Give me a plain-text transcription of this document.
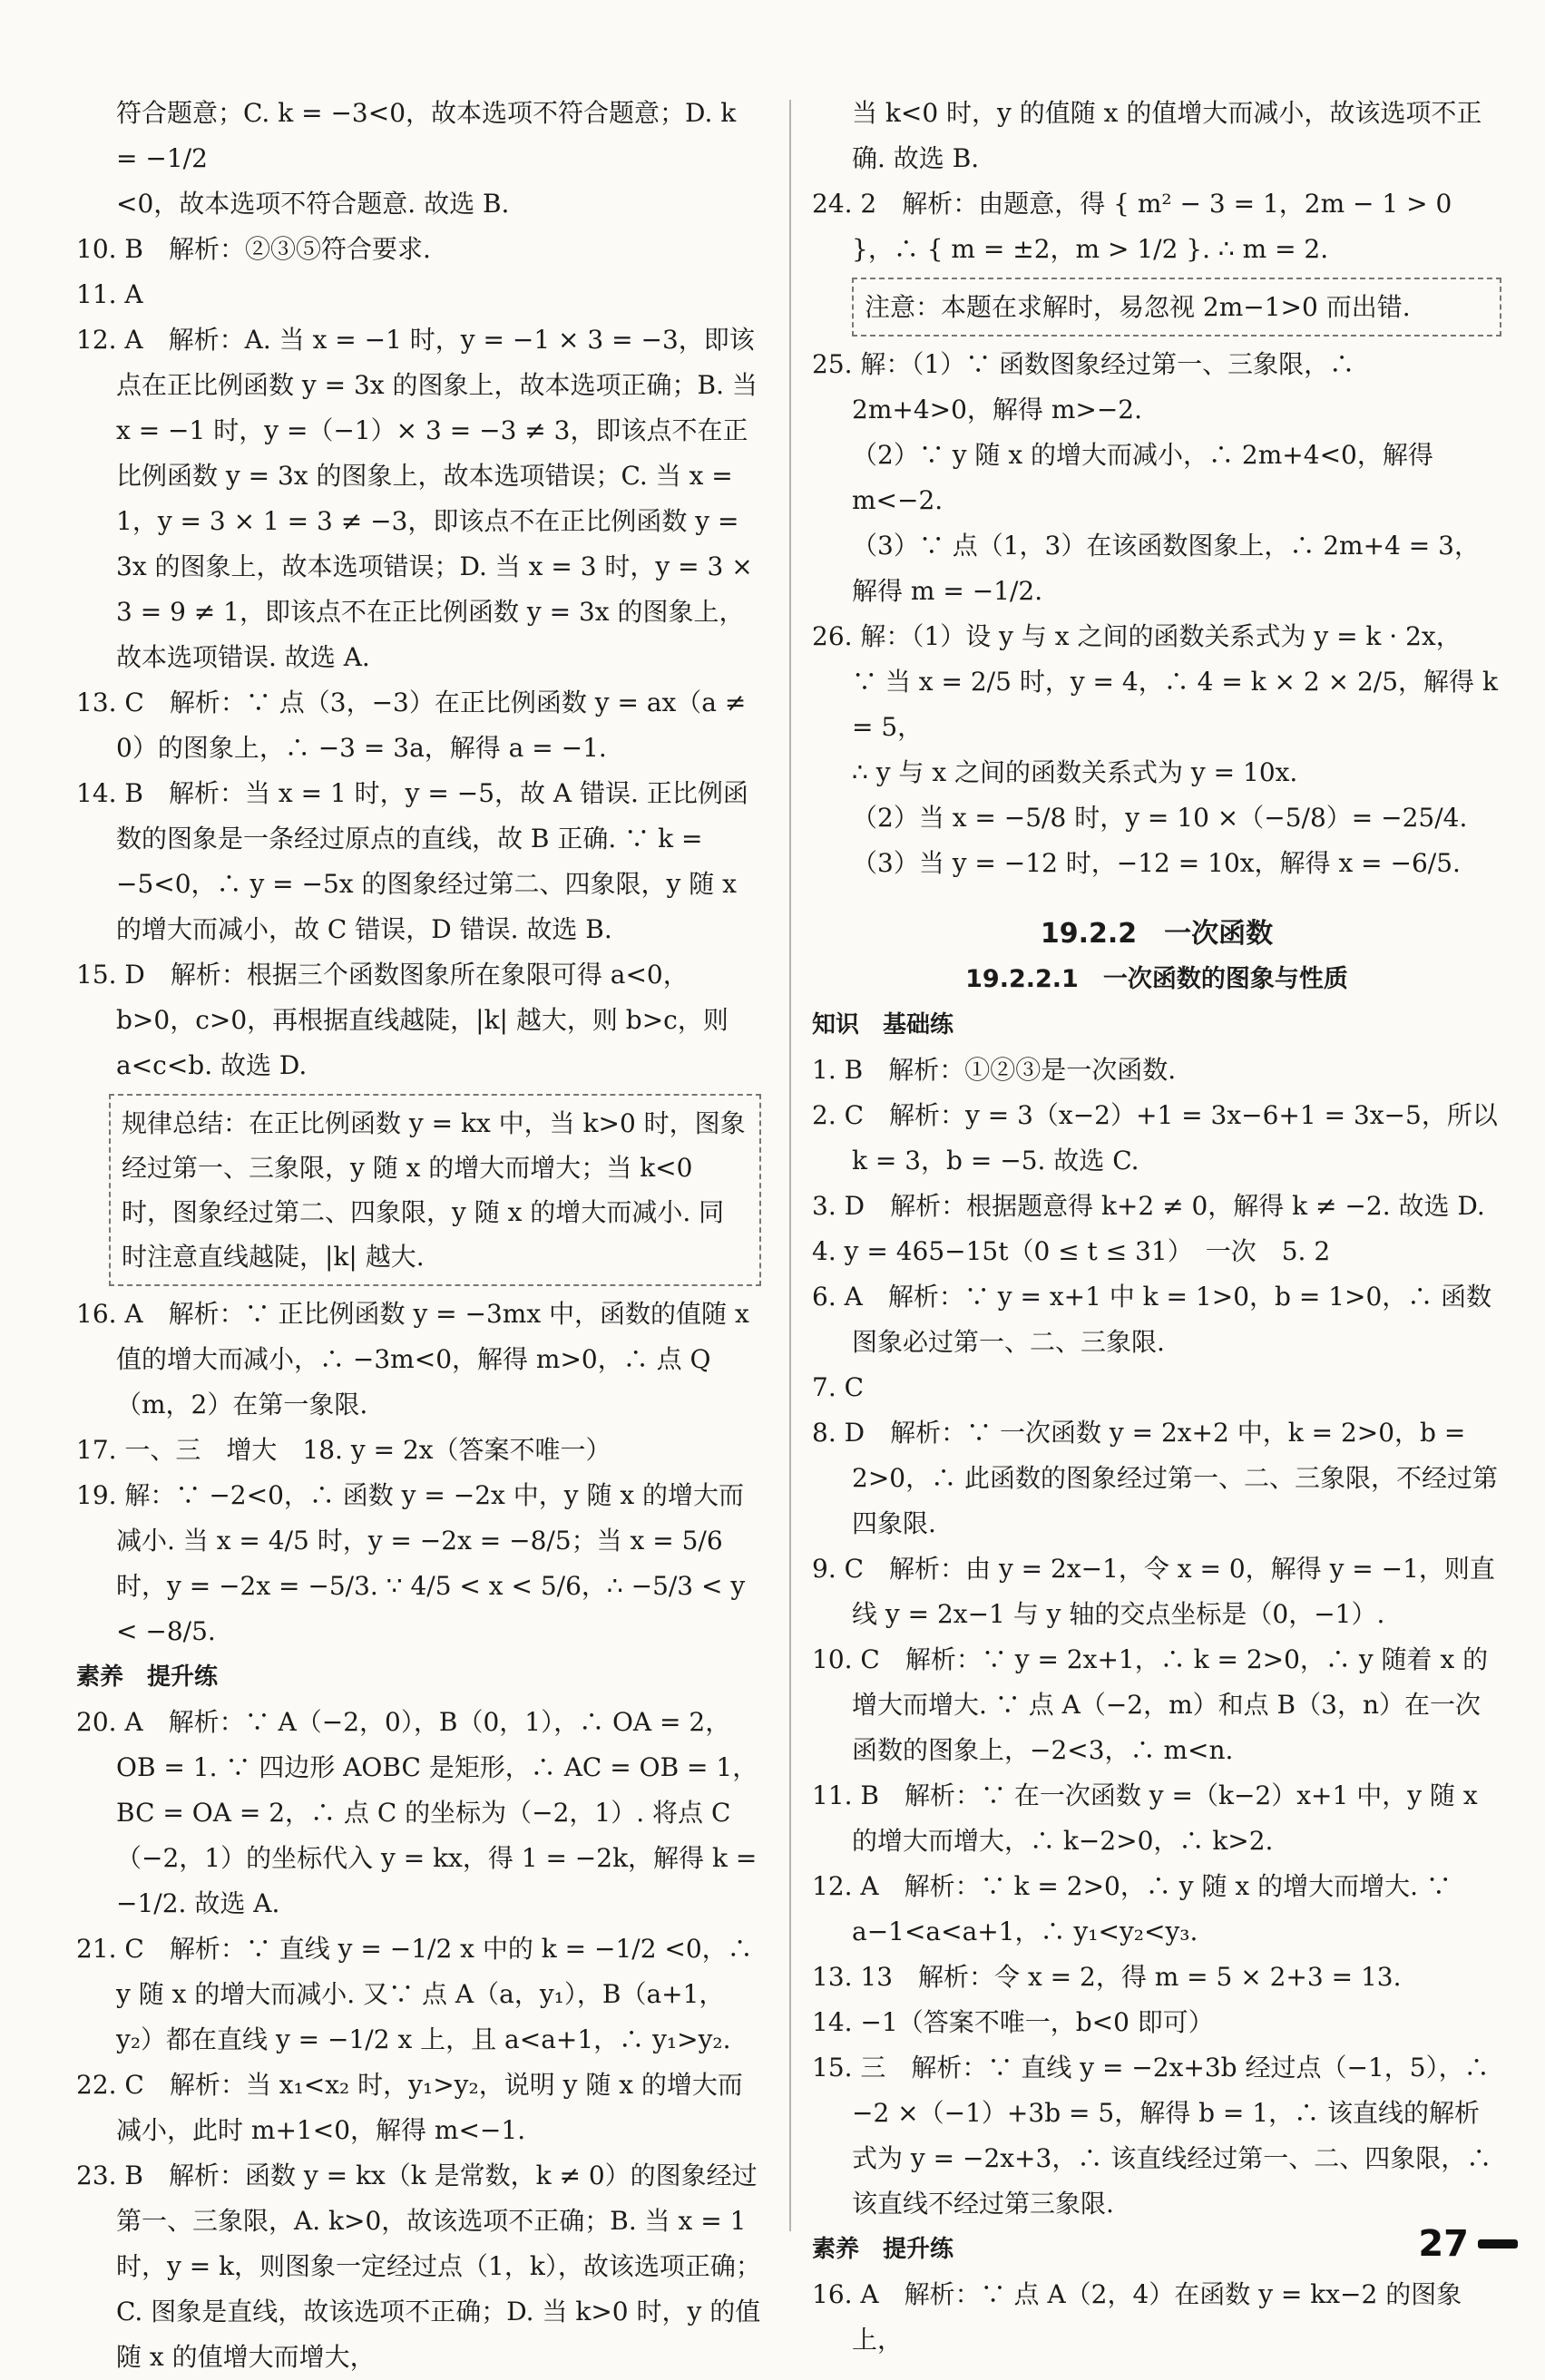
符合题意；C. k = −3<0，故本选项不符合题意；D. k = −1/2

<0，故本选项不符合题意. 故选 B.

10. B　解析：②③⑤符合要求.

11. A

12. A　解析：A. 当 x = −1 时，y = −1 × 3 = −3，即该点在正比例函数 y = 3x 的图象上，故本选项正确；B. 当 x = −1 时，y =（−1）× 3 = −3 ≠ 3，即该点不在正比例函数 y = 3x 的图象上，故本选项错误；C. 当 x = 1，y = 3 × 1 = 3 ≠ −3，即该点不在正比例函数 y = 3x 的图象上，故本选项错误；D. 当 x = 3 时，y = 3 × 3 = 9 ≠ 1，即该点不在正比例函数 y = 3x 的图象上，故本选项错误. 故选 A.

13. C　解析：∵ 点（3，−3）在正比例函数 y = ax（a ≠ 0）的图象上，∴ −3 = 3a，解得 a = −1.

14. B　解析：当 x = 1 时，y = −5，故 A 错误. 正比例函数的图象是一条经过原点的直线，故 B 正确. ∵ k = −5<0，∴ y = −5x 的图象经过第二、四象限，y 随 x 的增大而减小，故 C 错误，D 错误. 故选 B.

15. D　解析：根据三个函数图象所在象限可得 a<0，b>0，c>0，再根据直线越陡，|k| 越大，则 b>c，则 a<c<b. 故选 D.

规律总结：在正比例函数 y = kx 中，当 k>0 时，图象经过第一、三象限，y 随 x 的增大而增大；当 k<0 时，图象经过第二、四象限，y 随 x 的增大而减小. 同时注意直线越陡，|k| 越大.

16. A　解析：∵ 正比例函数 y = −3mx 中，函数的值随 x 值的增大而减小，∴ −3m<0，解得 m>0，∴ 点 Q（m，2）在第一象限.

17. 一、三　增大　18. y = 2x（答案不唯一）

19. 解：∵ −2<0，∴ 函数 y = −2x 中，y 随 x 的增大而减小. 当 x = 4/5 时，y = −2x = −8/5；当 x = 5/6 时，y = −2x = −5/3. ∵ 4/5 < x < 5/6，∴ −5/3 < y < −8/5.

素养　提升练

20. A　解析：∵ A（−2，0），B（0，1），∴ OA = 2，OB = 1. ∵ 四边形 AOBC 是矩形，∴ AC = OB = 1，BC = OA = 2，∴ 点 C 的坐标为（−2，1）. 将点 C（−2，1）的坐标代入 y = kx，得 1 = −2k，解得 k = −1/2. 故选 A.

21. C　解析：∵ 直线 y = −1/2 x 中的 k = −1/2 <0，∴ y 随 x 的增大而减小. 又∵ 点 A（a，y₁），B（a+1，y₂）都在直线 y = −1/2 x 上，且 a<a+1，∴ y₁>y₂.

22. C　解析：当 x₁<x₂ 时，y₁>y₂，说明 y 随 x 的增大而减小，此时 m+1<0，解得 m<−1.

23. B　解析：函数 y = kx（k 是常数，k ≠ 0）的图象经过第一、三象限，A. k>0，故该选项不正确；B. 当 x = 1 时，y = k，则图象一定经过点（1，k），故该选项正确；C. 图象是直线，故该选项不正确；D. 当 k>0 时，y 的值随 x 的值增大而增大，

当 k<0 时，y 的值随 x 的值增大而减小，故该选项不正确. 故选 B.

24. 2　解析：由题意，得 { m² − 3 = 1，2m − 1 > 0 }，∴ { m = ±2，m > 1/2 }. ∴ m = 2.

注意：本题在求解时，易忽视 2m−1>0 而出错.

25. 解：（1）∵ 函数图象经过第一、三象限，∴ 2m+4>0，解得 m>−2.

（2）∵ y 随 x 的增大而减小，∴ 2m+4<0，解得 m<−2.

（3）∵ 点（1，3）在该函数图象上，∴ 2m+4 = 3，解得 m = −1/2.

26. 解：（1）设 y 与 x 之间的函数关系式为 y = k · 2x，

∵ 当 x = 2/5 时，y = 4，∴ 4 = k × 2 × 2/5，解得 k = 5，

∴ y 与 x 之间的函数关系式为 y = 10x.

（2）当 x = −5/8 时，y = 10 ×（−5/8）= −25/4.

（3）当 y = −12 时，−12 = 10x，解得 x = −6/5.

19.2.2　一次函数

19.2.2.1　一次函数的图象与性质

知识　基础练

1. B　解析：①②③是一次函数.

2. C　解析：y = 3（x−2）+1 = 3x−6+1 = 3x−5，所以 k = 3，b = −5. 故选 C.

3. D　解析：根据题意得 k+2 ≠ 0，解得 k ≠ −2. 故选 D.

4. y = 465−15t（0 ≤ t ≤ 31）　一次　5. 2

6. A　解析：∵ y = x+1 中 k = 1>0，b = 1>0，∴ 函数图象必过第一、二、三象限.

7. C

8. D　解析：∵ 一次函数 y = 2x+2 中，k = 2>0，b = 2>0，∴ 此函数的图象经过第一、二、三象限，不经过第四象限.

9. C　解析：由 y = 2x−1，令 x = 0，解得 y = −1，则直线 y = 2x−1 与 y 轴的交点坐标是（0，−1）.

10. C　解析：∵ y = 2x+1，∴ k = 2>0，∴ y 随着 x 的增大而增大. ∵ 点 A（−2，m）和点 B（3，n）在一次函数的图象上，−2<3，∴ m<n.

11. B　解析：∵ 在一次函数 y =（k−2）x+1 中，y 随 x 的增大而增大，∴ k−2>0，∴ k>2.

12. A　解析：∵ k = 2>0，∴ y 随 x 的增大而增大. ∵ a−1<a<a+1，∴ y₁<y₂<y₃.

13. 13　解析：令 x = 2，得 m = 5 × 2+3 = 13.

14. −1（答案不唯一，b<0 即可）

15. 三　解析：∵ 直线 y = −2x+3b 经过点（−1，5），∴ −2 ×（−1）+3b = 5，解得 b = 1，∴ 该直线的解析式为 y = −2x+3，∴ 该直线经过第一、二、四象限，∴ 该直线不经过第三象限.

素养　提升练

16. A　解析：∵ 点 A（2，4）在函数 y = kx−2 的图象上，

27
